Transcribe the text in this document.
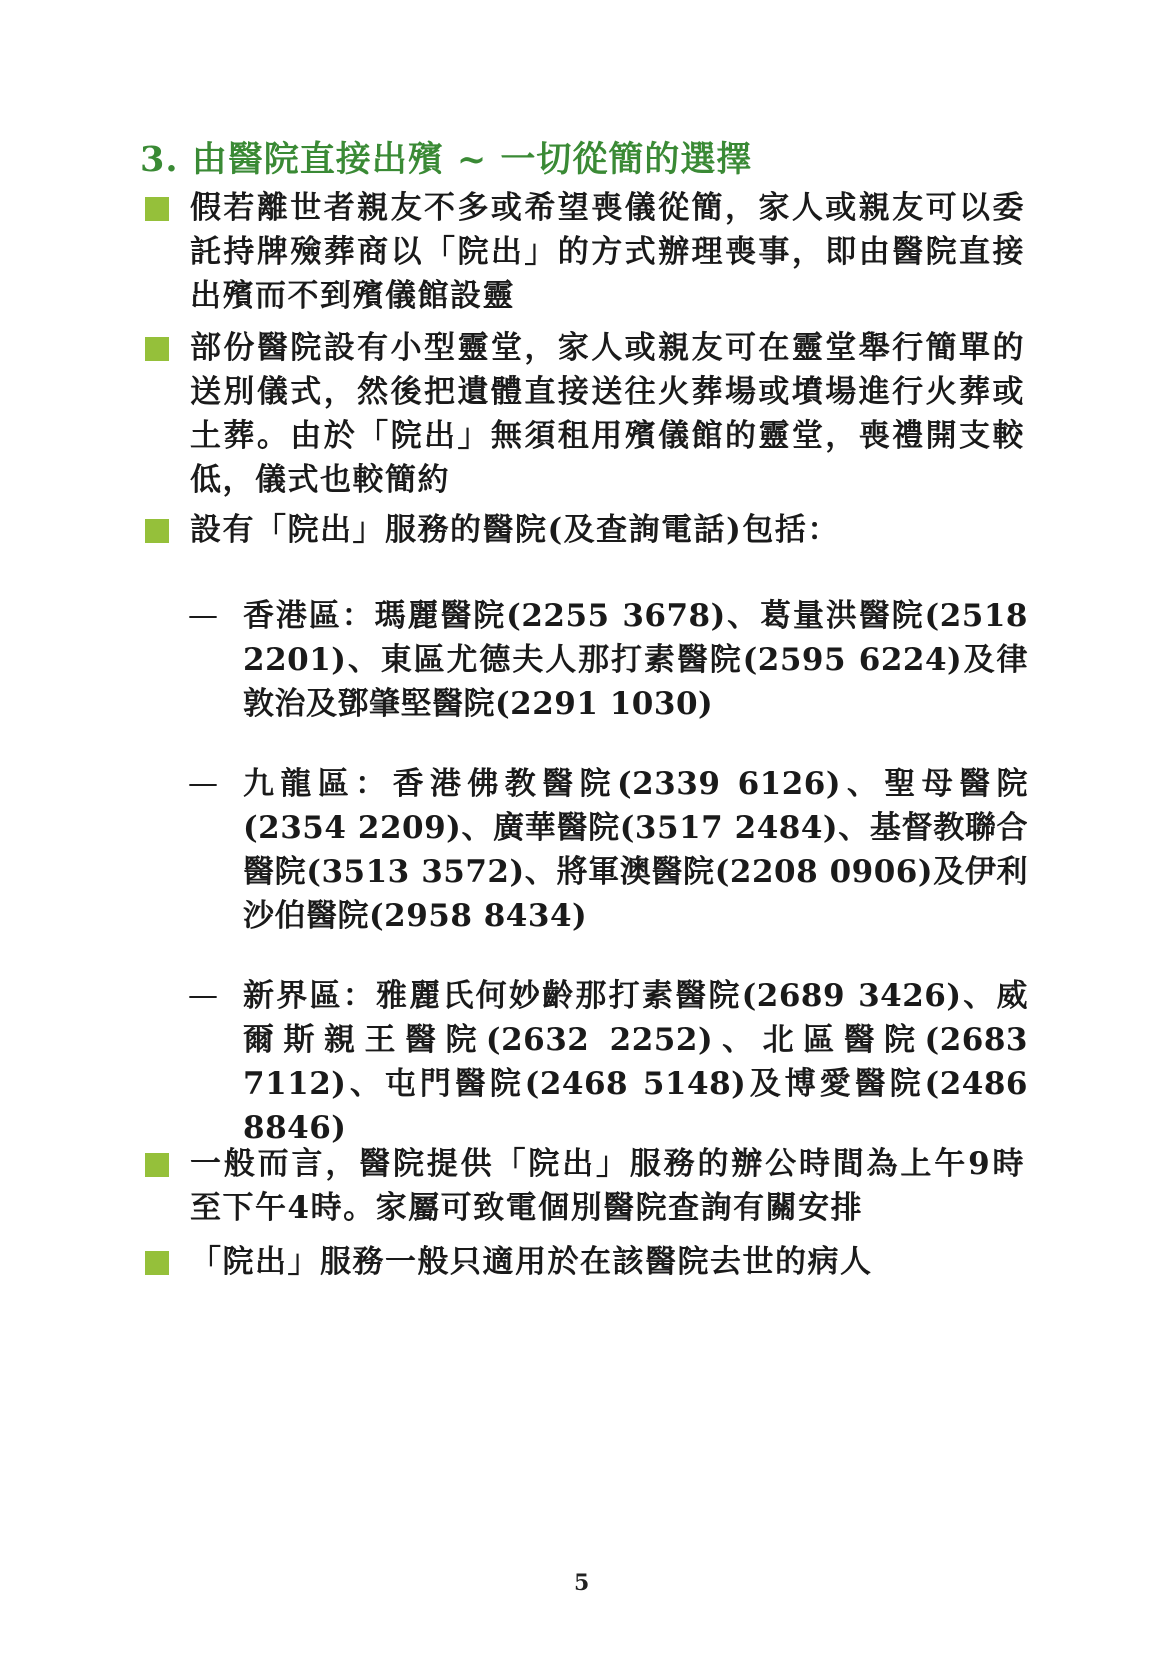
3. 由醫院直接出殯 ~ 一切從簡的選擇
假若離世者親友不多或希望喪儀從簡，家人或親友可以委託持牌殮葬商以「院出」的方式辦理喪事，即由醫院直接出殯而不到殯儀館設靈
部份醫院設有小型靈堂，家人或親友可在靈堂舉行簡單的送別儀式，然後把遺體直接送往火葬場或墳場進行火葬或土葬。由於「院出」無須租用殯儀館的靈堂，喪禮開支較低，儀式也較簡約
設有「院出」服務的醫院(及查詢電話)包括：
— 香港區：瑪麗醫院(2255 3678)、葛量洪醫院(2518 2201)、東區尤德夫人那打素醫院(2595 6224)及律敦治及鄧肇堅醫院(2291 1030)
— 九龍區：香港佛教醫院(2339 6126)、聖母醫院(2354 2209)、廣華醫院(3517 2484)、基督教聯合醫院(3513 3572)、將軍澳醫院(2208 0906)及伊利沙伯醫院(2958 8434)
— 新界區：雅麗氏何妙齡那打素醫院(2689 3426)、威爾斯親王醫院(2632 2252)、北區醫院(2683 7112)、屯門醫院(2468 5148)及博愛醫院(2486 8846)
一般而言，醫院提供「院出」服務的辦公時間為上午9時至下午4時。家屬可致電個別醫院查詢有關安排
「院出」服務一般只適用於在該醫院去世的病人
5
